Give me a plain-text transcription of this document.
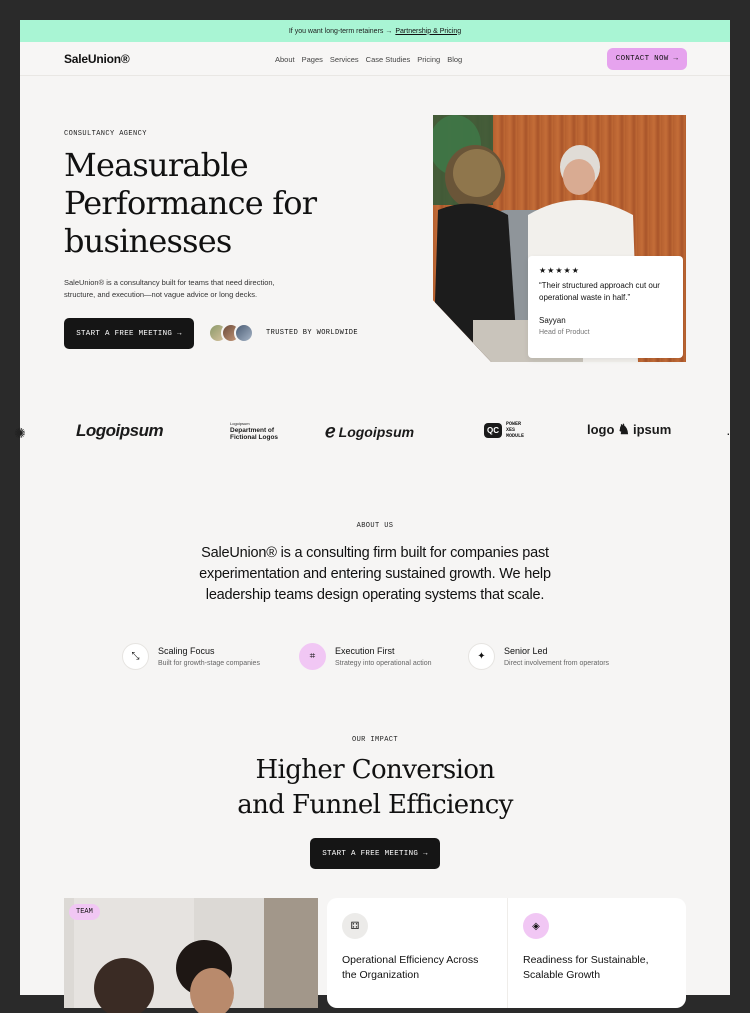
If you want long-term retainers → Partnership & Pricing
SaleUnion®	About Pages Services Case Studies Pricing Blog	CONTACT NOW →
CONSULTANCY AGENCY
Measurable
Performance for
businesses
SaleUnion® is a consultancy built for teams that need direction, structure, and execution—not vague advice or long decks.
START A FREE MEETING →	TRUSTED BY WORLDWIDE
★★★★★
“Their structured approach cut our operational waste in half.”
Sayyan
Head of Product
✺	Logoipsum	Logoipsum
Department of
Fictional Logos	ℯ Logoipsum	QC
POWER
XES
MODULE	logo ♞ ipsum	·
ABOUT US
SaleUnion® is a consulting firm built for companies past experimentation and entering sustained growth. We help leadership teams design operating systems that scale.
⤡	Scaling Focus
Built for growth-stage companies
⌗	Execution First
Strategy into operational action
✦	Senior Led
Direct involvement from operators
OUR IMPACT
Higher Conversion
and Funnel Efficiency
START A FREE MEETING →
TEAM
⚃
Operational Efficiency Across the Organization
◈
Readiness for Sustainable, Scalable Growth
